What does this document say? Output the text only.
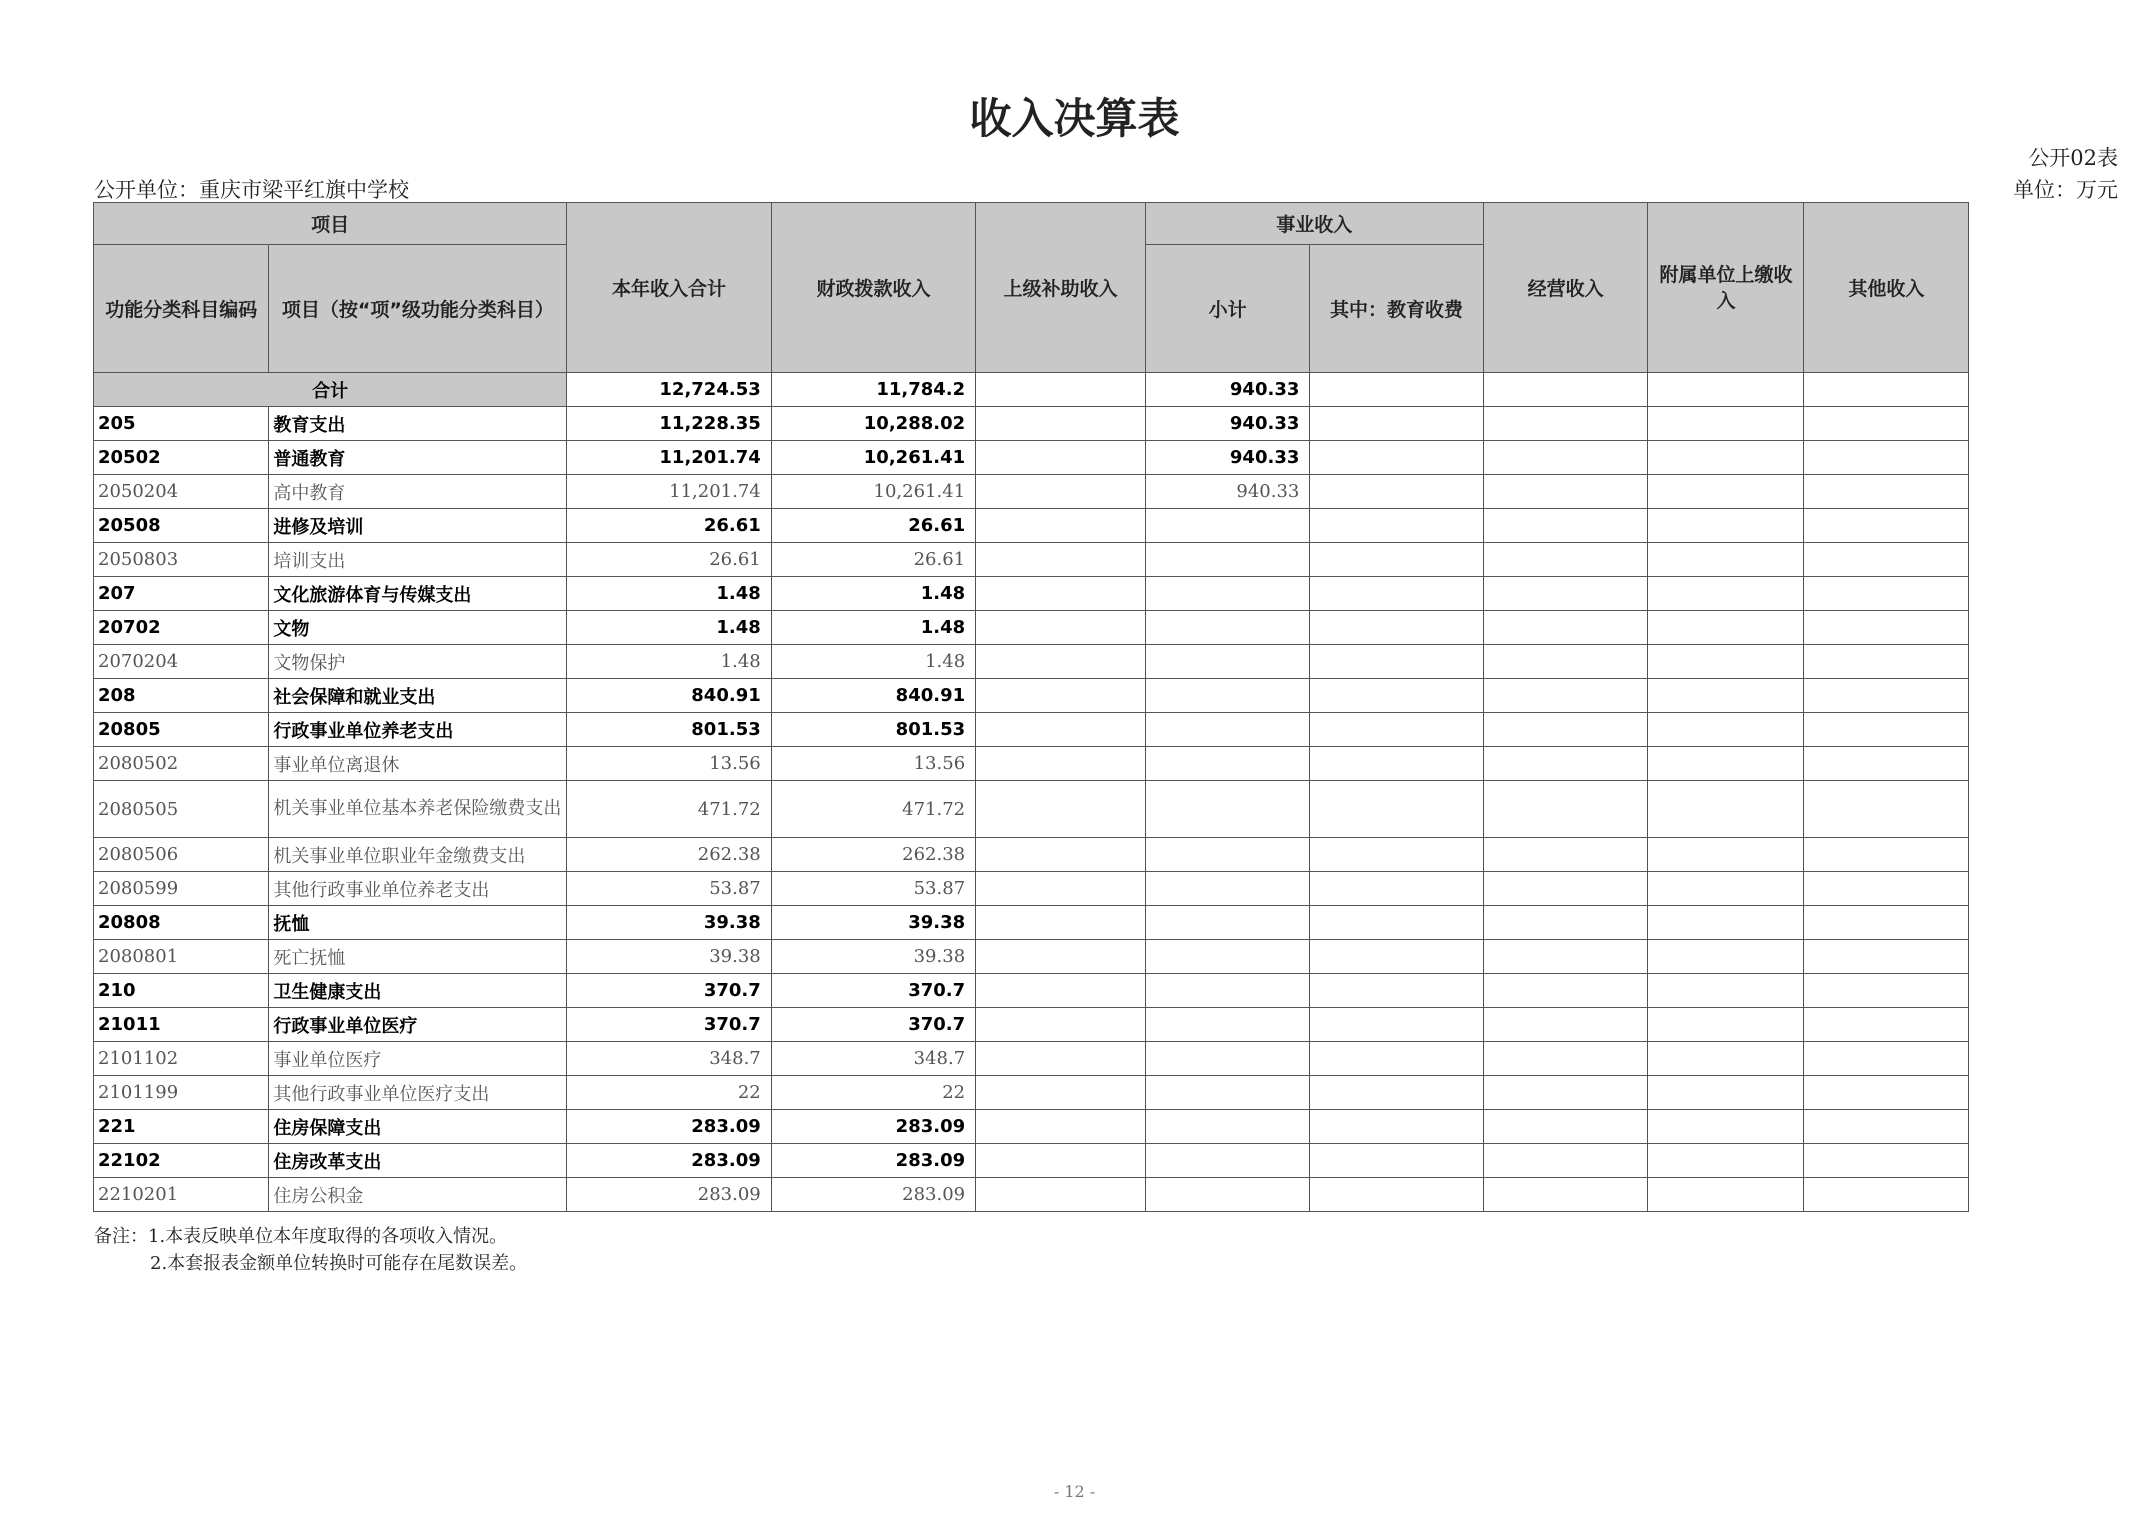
收入决算表
公开02表
公开单位：重庆市梁平红旗中学校	单位：万元
项目		本年收入合计	财政拨款收入	上级补助收入	事业收入		经营收入	附属单位上缴收入	其他收入
功能分类科目编码	项目（按“项”级功能分类科目）				小计	其中：教育收费			
合计		12,724.53	11,784.2		940.33				
205	教育支出	11,228.35	10,288.02		940.33				
20502	普通教育	11,201.74	10,261.41		940.33				
2050204	高中教育	11,201.74	10,261.41		940.33				
20508	进修及培训	26.61	26.61						
2050803	培训支出	26.61	26.61						
207	文化旅游体育与传媒支出	1.48	1.48						
20702	文物	1.48	1.48						
2070204	文物保护	1.48	1.48						
208	社会保障和就业支出	840.91	840.91						
20805	行政事业单位养老支出	801.53	801.53						
2080502	事业单位离退休	13.56	13.56						
2080505	机关事业单位基本养老保险缴费支出	471.72	471.72						
2080506	机关事业单位职业年金缴费支出	262.38	262.38						
2080599	其他行政事业单位养老支出	53.87	53.87						
20808	抚恤	39.38	39.38						
2080801	死亡抚恤	39.38	39.38						
210	卫生健康支出	370.7	370.7						
21011	行政事业单位医疗	370.7	370.7						
2101102	事业单位医疗	348.7	348.7						
2101199	其他行政事业单位医疗支出	22	22						
221	住房保障支出	283.09	283.09						
22102	住房改革支出	283.09	283.09						
2210201	住房公积金	283.09	283.09						
备注：1.本表反映单位本年度取得的各项收入情况。
2.本套报表金额单位转换时可能存在尾数误差。
- 12 -
